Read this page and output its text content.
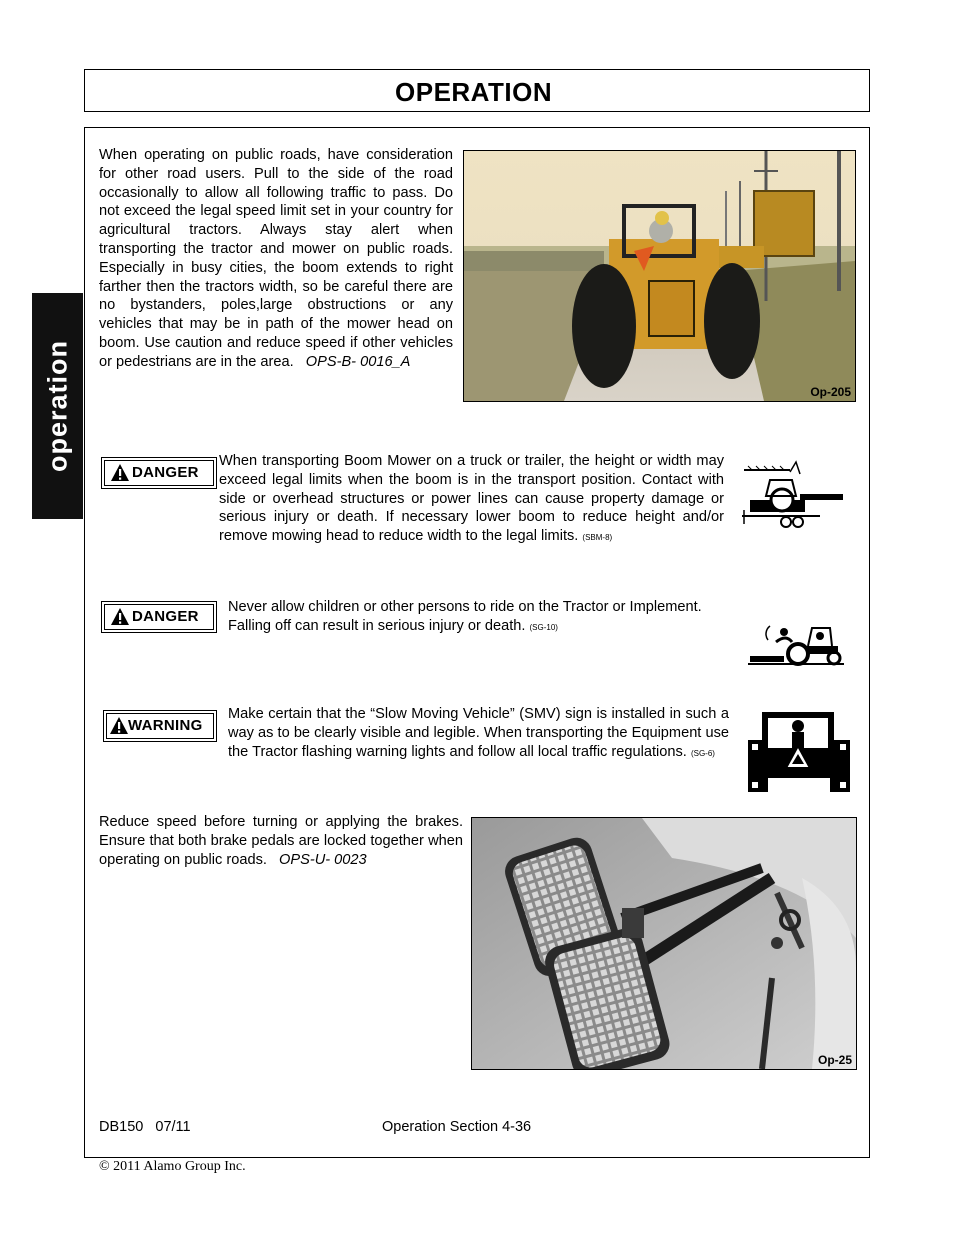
OPERATION
operation
When operating on public roads, have consideration for other road users. Pull to the side of the road occasionally to allow all following traffic to pass. Do not exceed the legal speed limit set in your country for agricultural tractors. Always stay alert when transporting the tractor and mower on public roads. Especially in busy cities, the boom extends to right farther then the tractors width, so be careful there are no bystanders, poles,large obstructions or any vehicles that may be in path of the mower head on boom. Use caution and reduce speed if other vehicles or pedestrians are in the area. OPS-B- 0016_A
Op-205
DANGER
When transporting Boom Mower on a truck or trailer, the height or width may exceed legal limits when the boom is in the transport position. Contact with side or overhead structures or power lines can cause property damage or serious injury or death. If necessary lower boom to reduce height and/or remove mowing head to reduce width to the legal limits. (SBM-8)
DANGER
Never allow children or other persons to ride on the Tractor or Implement. Falling off can result in serious injury or death. (SG-10)
WARNING
Make certain that the “Slow Moving Vehicle” (SMV) sign is installed in such a way as to be clearly visible and legible. When transporting the Equipment use the Tractor flashing warning lights and follow all local traffic regulations. (SG-6)
Reduce speed before turning or applying the brakes. Ensure that both brake pedals are locked together when operating on public roads. OPS-U- 0023
Op-25
DB150 07/11	Operation Section 4-36
© 2011 Alamo Group Inc.
